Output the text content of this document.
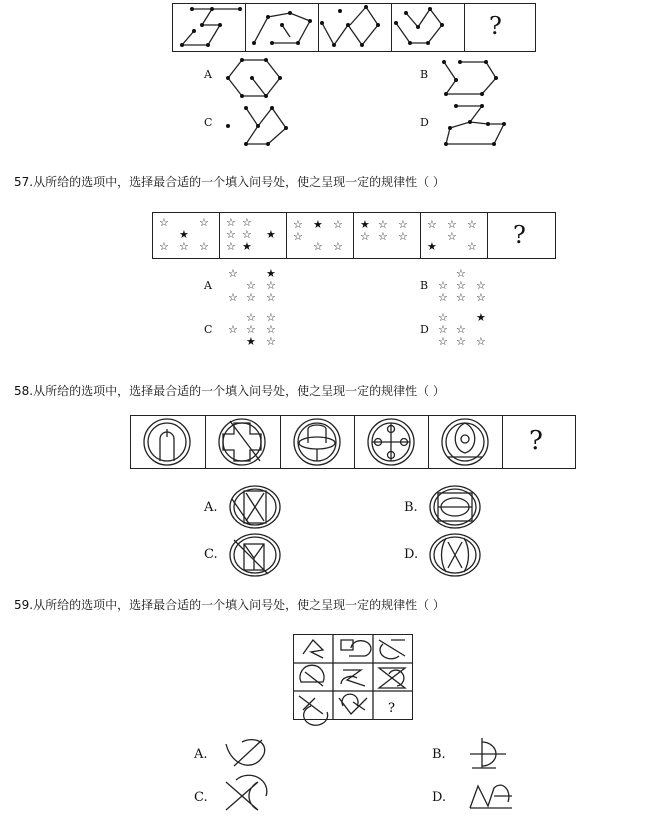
?
A	B
C	D
57.从所给的选项中，选择最合适的一个填入问号处，使之呈现一定的规律性（ ）
?
☆	☆
★
☆ ☆ ☆
☆ ☆
☆ ☆ ★
☆ ★
☆ ★ ☆
☆
☆ ☆
★ ☆ ☆
☆ ☆ ☆
☆ ☆ ☆
☆
★	☆
A
☆	★
☆ ☆
☆ ☆ ☆
B
☆
☆ ☆ ☆
☆ ☆ ☆
C
☆ ☆
☆ ☆ ☆
★ ☆
D
☆	★
☆ ☆
☆ ☆ ☆
58.从所给的选项中，选择最合适的一个填入问号处，使之呈现一定的规律性（ ）
?
A.	B.
C.	D.
59.从所给的选项中，选择最合适的一个填入问号处，使之呈现一定的规律性（ ）
?
A.	B.
C.	D.
